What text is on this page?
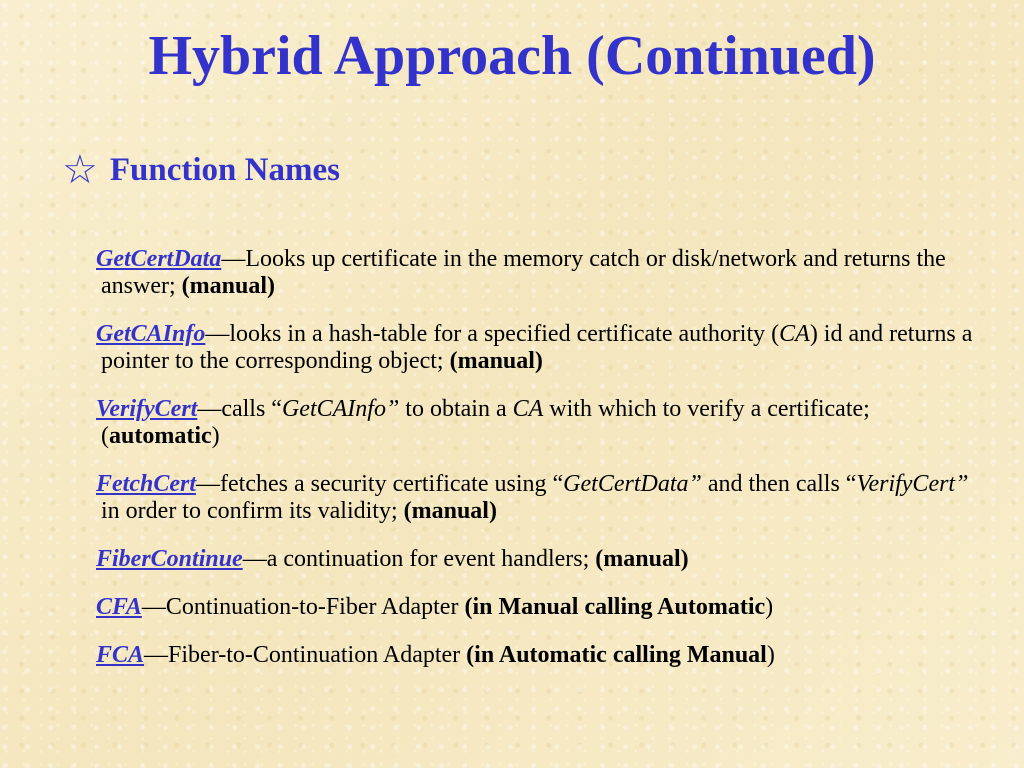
Hybrid Approach (Continued)
☆ Function Names
GetCertData—Looks up certificate in the memory catch or disk/network and returns the answer; (manual)
GetCAInfo—looks in a hash-table for a specified certificate authority (CA) id and returns a pointer to the corresponding object; (manual)
VerifyCert—calls “GetCAInfo” to obtain a CA with which to verify a certificate; (automatic)
FetchCert—fetches a security certificate using “GetCertData” and then calls “VerifyCert” in order to confirm its validity; (manual)
FiberContinue—a continuation for event handlers; (manual)
CFA—Continuation-to-Fiber Adapter (in Manual calling Automatic)
FCA—Fiber-to-Continuation Adapter (in Automatic calling Manual)
